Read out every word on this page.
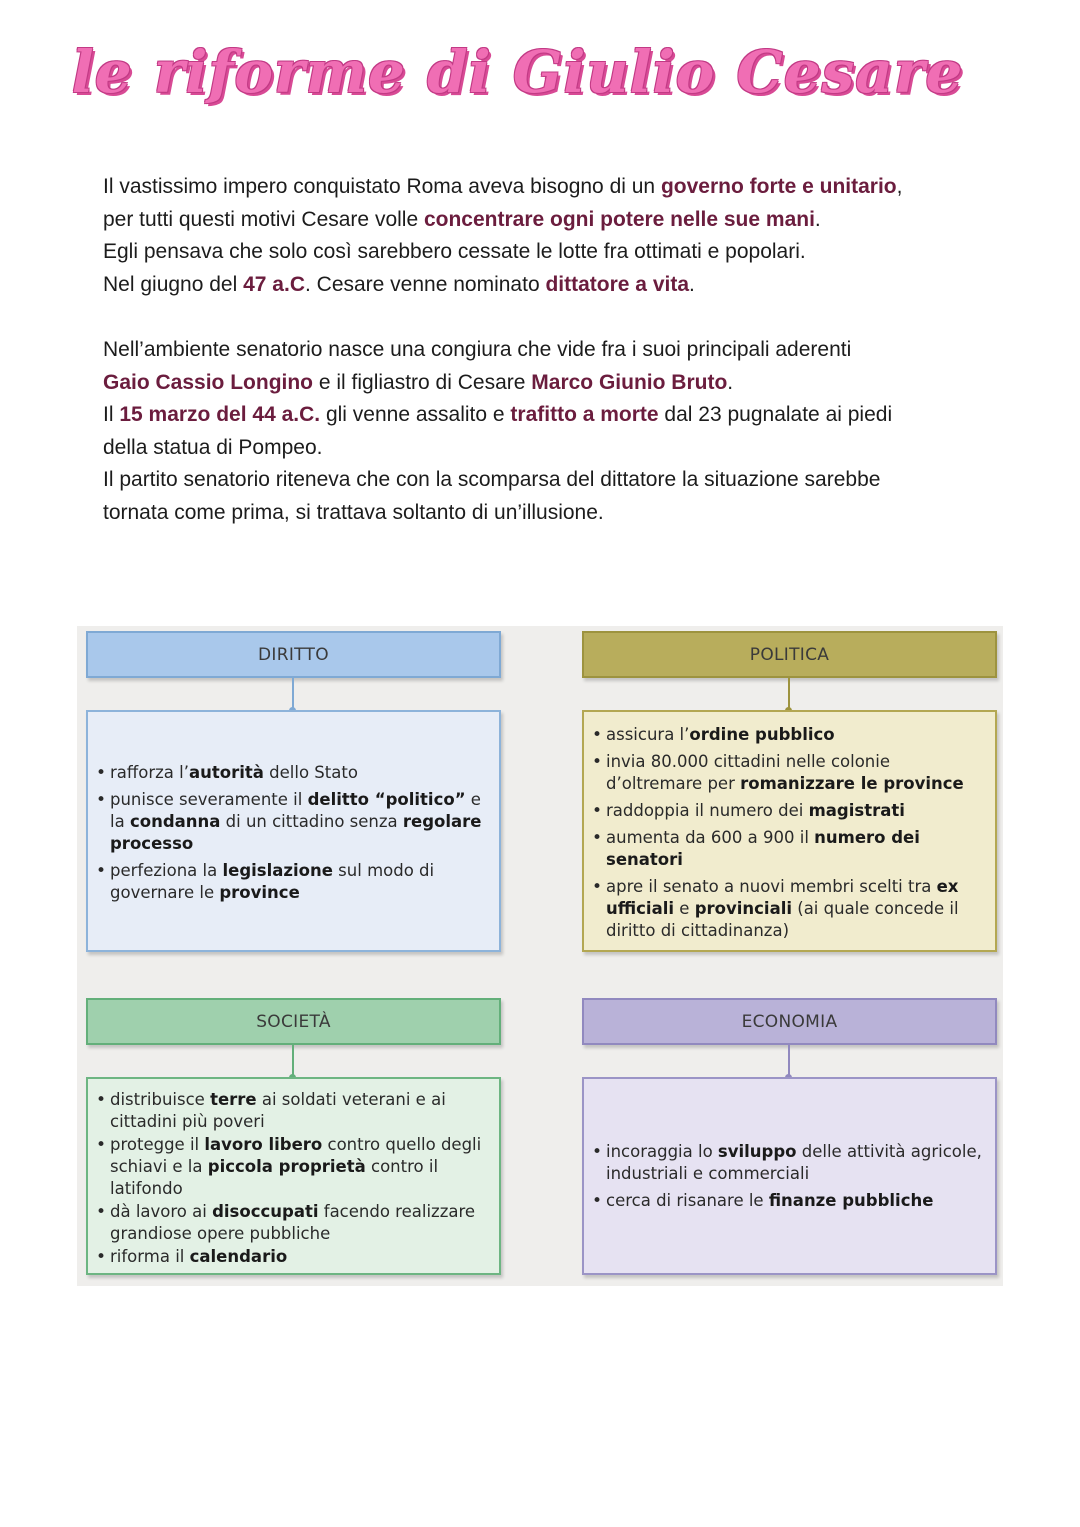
le riforme di Giulio Cesare

Il vastissimo impero conquistato Roma aveva bisogno di un governo forte e unitario,

per tutti questi motivi Cesare volle concentrare ogni potere nelle sue mani.

Egli pensava che solo così sarebbero cessate le lotte fra ottimati e popolari.

Nel giugno del 47 a.C. Cesare venne nominato dittatore a vita.

Nell’ambiente senatorio nasce una congiura che vide fra i suoi principali aderenti

Gaio Cassio Longino e il figliastro di Cesare Marco Giunio Bruto.

Il 15 marzo del 44 a.C. gli venne assalito e trafitto a morte dal 23 pugnalate ai piedi

della statua di Pompeo.

Il partito senatorio riteneva che con la scomparsa del dittatore la situazione sarebbe

tornata come prima, si trattava soltanto di un’illusione.

DIRITTO
• rafforza l’autorità dello Stato
• punisce severamente il delitto “politico” e la condanna di un cittadino senza regolare processo
• perfeziona la legislazione sul modo di governare le province
POLITICA
• assicura l’ordine pubblico
• invia 80.000 cittadini nelle colonie d’oltremare per romanizzare le province
• raddoppia il numero dei magistrati
• aumenta da 600 a 900 il numero dei senatori
• apre il senato a nuovi membri scelti tra ex ufficiali e provinciali (ai quale concede il diritto di cittadinanza)
SOCIETÀ
• distribuisce terre ai soldati veterani e ai cittadini più poveri
• protegge il lavoro libero contro quello degli schiavi e la piccola proprietà contro il latifondo
• dà lavoro ai disoccupati facendo realizzare grandiose opere pubbliche
• riforma il calendario
ECONOMIA
• incoraggia lo sviluppo delle attività agricole, industriali e commerciali
• cerca di risanare le finanze pubbliche
